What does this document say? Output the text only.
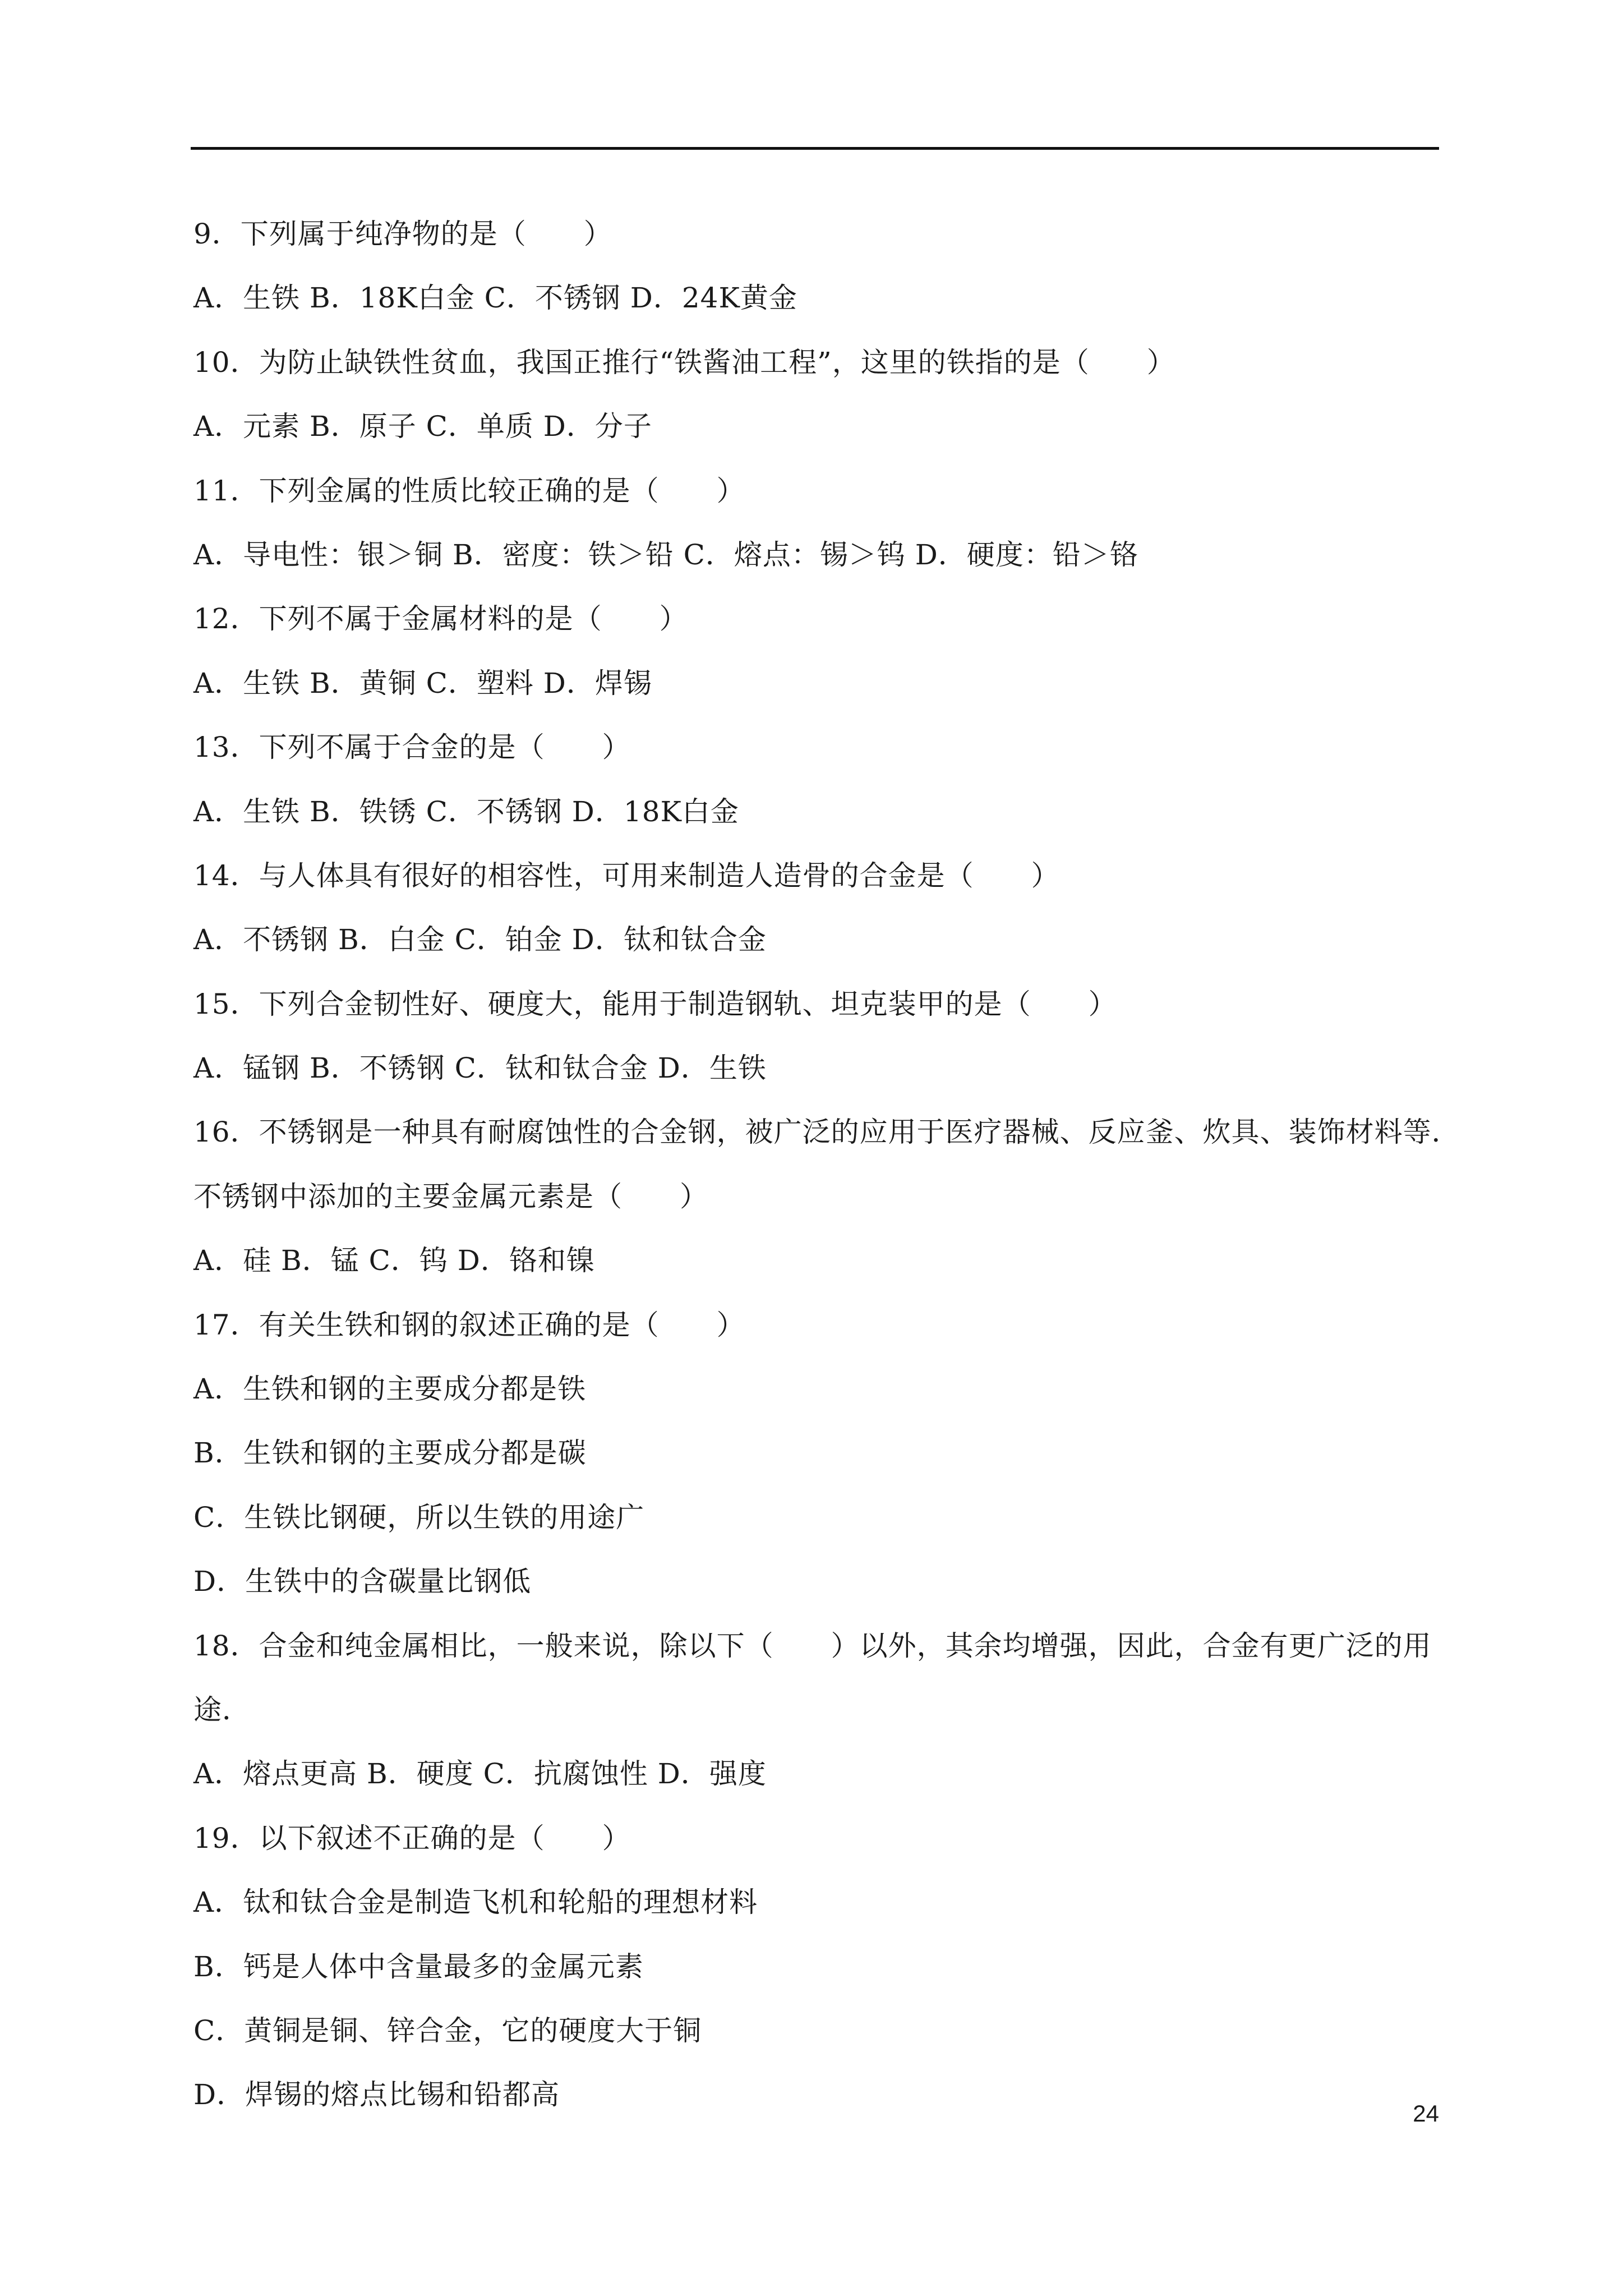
9．下列属于纯净物的是（　　）
A．生铁 B．18K白金 C．不锈钢 D．24K黄金
10．为防止缺铁性贫血，我国正推行“铁酱油工程”，这里的铁指的是（　　）
A．元素 B．原子 C．单质 D．分子
11．下列金属的性质比较正确的是（　　）
A．导电性：银＞铜 B．密度：铁＞铅 C．熔点：锡＞钨 D．硬度：铅＞铬
12．下列不属于金属材料的是（　　）
A．生铁 B．黄铜 C．塑料 D．焊锡
13．下列不属于合金的是（　　）
A．生铁 B．铁锈 C．不锈钢 D．18K白金
14．与人体具有很好的相容性，可用来制造人造骨的合金是（　　）
A．不锈钢 B．白金 C．铂金 D．钛和钛合金
15．下列合金韧性好、硬度大，能用于制造钢轨、坦克装甲的是（　　）
A．锰钢 B．不锈钢 C．钛和钛合金 D．生铁
16．不锈钢是一种具有耐腐蚀性的合金钢，被广泛的应用于医疗器械、反应釜、炊具、装饰材料等．
不锈钢中添加的主要金属元素是（　　）
A．硅 B．锰 C．钨 D．铬和镍
17．有关生铁和钢的叙述正确的是（　　）
A．生铁和钢的主要成分都是铁
B．生铁和钢的主要成分都是碳
C．生铁比钢硬，所以生铁的用途广
D．生铁中的含碳量比钢低
18．合金和纯金属相比，一般来说，除以下（　　）以外，其余均增强，因此，合金有更广泛的用
途．
A．熔点更高 B．硬度 C．抗腐蚀性 D．强度
19．以下叙述不正确的是（　　）
A．钛和钛合金是制造飞机和轮船的理想材料
B．钙是人体中含量最多的金属元素
C．黄铜是铜、锌合金，它的硬度大于铜
D．焊锡的熔点比锡和铅都高
24
